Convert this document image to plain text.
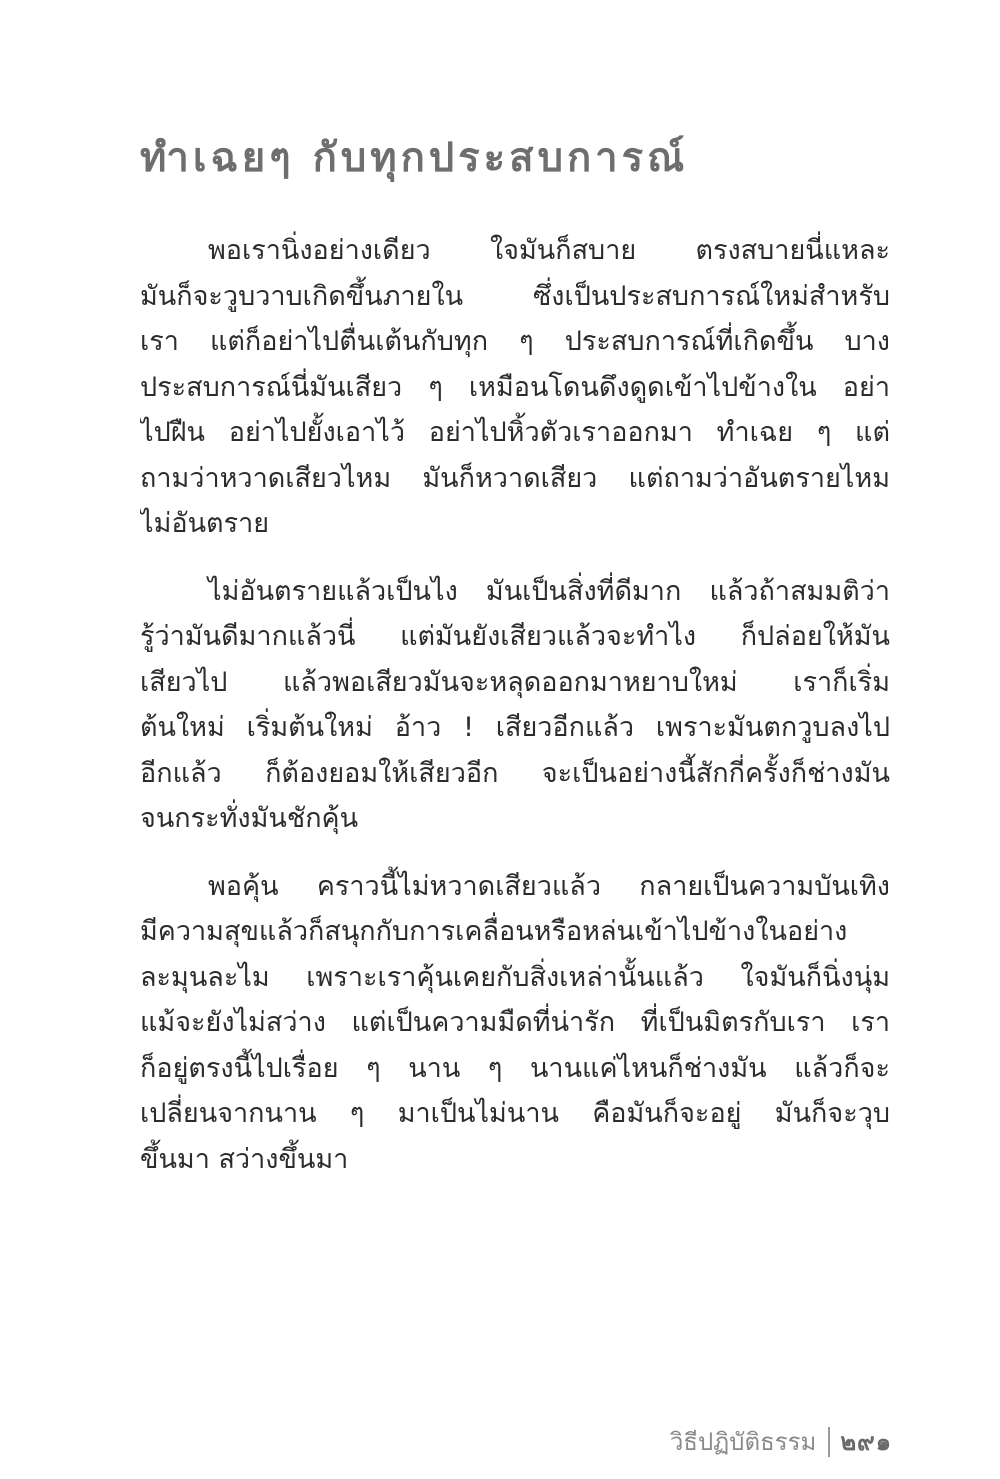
ทำเฉยๆ กับทุกประสบการณ์
พอเรานิ่งอย่างเดียว ใจมันก็สบาย ตรงสบายนี่แหละ
มันก็จะวูบวาบเกิดขึ้นภายใน ซึ่งเป็นประสบการณ์ใหม่สำหรับ
เรา แต่ก็อย่าไปตื่นเต้นกับทุก ๆ ประสบการณ์ที่เกิดขึ้น บาง
ประสบการณ์นี่มันเสียว ๆ เหมือนโดนดึงดูดเข้าไปข้างใน อย่า
ไปฝืน อย่าไปยั้งเอาไว้ อย่าไปหิ้วตัวเราออกมา ทำเฉย ๆ แต่
ถามว่าหวาดเสียวไหม มันก็หวาดเสียว แต่ถามว่าอันตรายไหม
ไม่อันตราย
ไม่อันตรายแล้วเป็นไง มันเป็นสิ่งที่ดีมาก แล้วถ้าสมมติว่า
รู้ว่ามันดีมากแล้วนี่ แต่มันยังเสียวแล้วจะทำไง ก็ปล่อยให้มัน
เสียวไป แล้วพอเสียวมันจะหลุดออกมาหยาบใหม่ เราก็เริ่ม
ต้นใหม่ เริ่มต้นใหม่ อ้าว ! เสียวอีกแล้ว เพราะมันตกวูบลงไป
อีกแล้ว ก็ต้องยอมให้เสียวอีก จะเป็นอย่างนี้สักกี่ครั้งก็ช่างมัน
จนกระทั่งมันชักคุ้น
พอคุ้น คราวนี้ไม่หวาดเสียวแล้ว กลายเป็นความบันเทิง
มีความสุขแล้วก็สนุกกับการเคลื่อนหรือหล่นเข้าไปข้างในอย่าง
ละมุนละไม เพราะเราคุ้นเคยกับสิ่งเหล่านั้นแล้ว ใจมันก็นิ่งนุ่ม
แม้จะยังไม่สว่าง แต่เป็นความมืดที่น่ารัก ที่เป็นมิตรกับเรา เรา
ก็อยู่ตรงนี้ไปเรื่อย ๆ นาน ๆ นานแค่ไหนก็ช่างมัน แล้วก็จะ
เปลี่ยนจากนาน ๆ มาเป็นไม่นาน คือมันก็จะอยู่ มันก็จะวุบ
ขึ้นมา สว่างขึ้นมา
วิธีปฏิบัติธรรม ๒๙๑
